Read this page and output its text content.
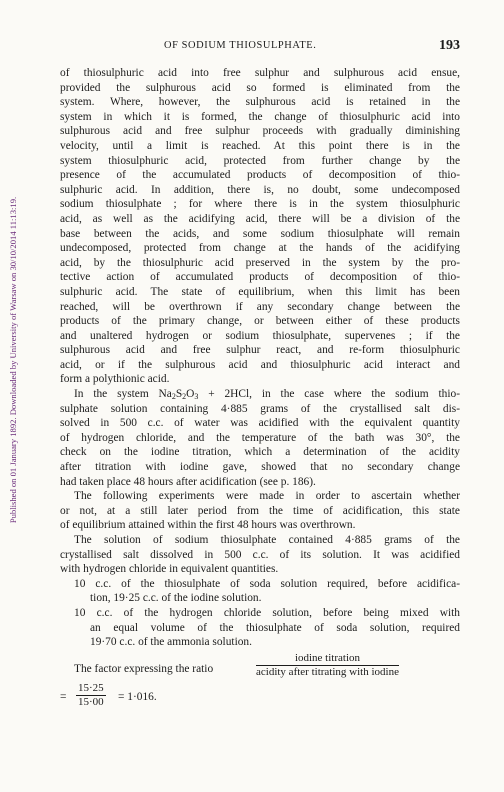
OF SODIUM THIOSULPHATE.	193
Published on 01 January 1892. Downloaded by University of Warsaw on 30/10/2014 11:13:19.

of thiosulphuric acid into free sulphur and sulphurous acid ensue,
provided the sulphurous acid so formed is eliminated from the
system. Where, however, the sulphurous acid is retained in the
system in which it is formed, the change of thiosulphuric acid into
sulphurous acid and free sulphur proceeds with gradually diminishing
velocity, until a limit is reached. At this point there is in the
system thiosulphuric acid, protected from further change by the
presence of the accumulated products of decomposition of thio-
sulphuric acid. In addition, there is, no doubt, some undecomposed
sodium thiosulphate ; for where there is in the system thiosulphuric
acid, as well as the acidifying acid, there will be a division of the
base between the acids, and some sodium thiosulphate will remain
undecomposed, protected from change at the hands of the acidifying
acid, by the thiosulphuric acid preserved in the system by the pro-
tective action of accumulated products of decomposition of thio-
sulphuric acid. The state of equilibrium, when this limit has been
reached, will be overthrown if any secondary change between the
products of the primary change, or between either of these products
and unaltered hydrogen or sodium thiosulphate, supervenes ; if the
sulphurous acid and free sulphur react, and re-form thiosulphuric
acid, or if the sulphurous acid and thiosulphuric acid interact and
form a polythionic acid.

In the system $Na_2S_2O_3 + 2HCl$, in the case where the sodium thio-
sulphate solution containing 4·885 grams of the crystallised salt dis-
solved in 500 c.c. of water was acidified with the equivalent quantity
of hydrogen chloride, and the temperature of the bath was 30°, the
check on the iodine titration, which a determination of the acidity
after titration with iodine gave, showed that no secondary change
had taken place 48 hours after acidification (see p. 186).

The following experiments were made in order to ascertain whether
or not, at a still later period from the time of acidification, this state
of equilibrium attained within the first 48 hours was overthrown.

The solution of sodium thiosulphate contained 4·885 grams of the
crystallised salt dissolved in 500 c.c. of its solution. It was acidified
with hydrogen chloride in equivalent quantities.

10 c.c. of the thiosulphate of soda solution required, before acidifica-
tion, 19·25 c.c. of the iodine solution.

10 c.c. of the hydrogen chloride solution, before being mixed with
an equal volume of the thiosulphate of soda solution, required
19·70 c.c. of the ammonia solution.

The factor expressing the ratio
iodine titration
acidity after titrating with iodine
= $\frac{15\cdot 25}{15\cdot 00} = 1\cdot 016$.
